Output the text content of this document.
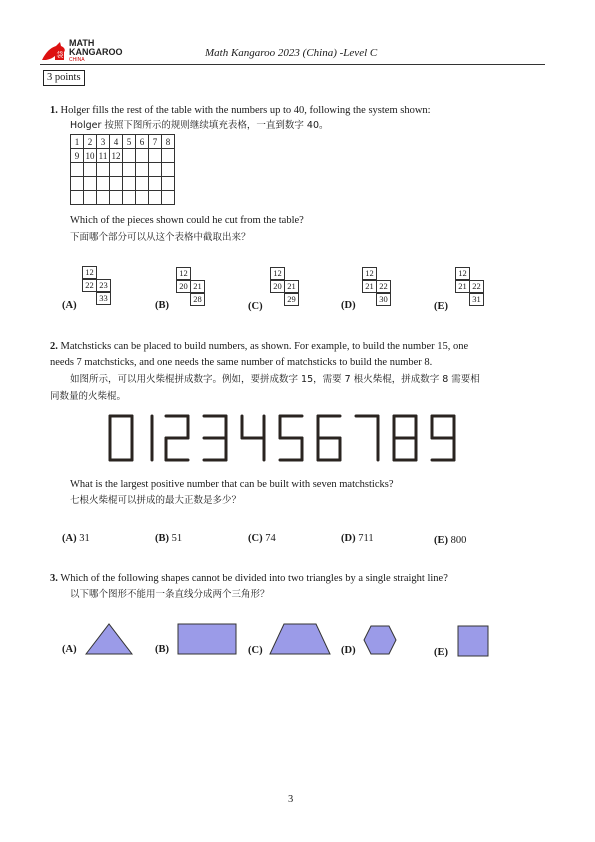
袋
MATH
KANGAROO
CHINA
Math Kangaroo 2023 (China) -Level C
3 points
1. Holger fills the rest of the table with the numbers up to 40, following the system shown:
Holger 按照下图所示的规则继续填充表格，一直到数字 40。
1	2	3	4	5	6	7	8
9	10	11	12				

Which of the pieces shown could he cut from the table?
下面哪个部分可以从这个表格中截取出来？
(A)
12
22 23
33
(B)
12
20 21
28
(C)
12
20 21
29
(D)
12
21 22
30
(E)
12
21 22
31
2. Matchsticks can be placed to build numbers, as shown. For example, to build the number 15, one
needs 7 matchsticks, and one needs the same number of matchsticks to build the number 8.
如图所示，可以用火柴棍拼成数字。例如，要拼成数字 15，需要 7 根火柴棍，拼成数字 8 需要相
同数量的火柴棍。
What is the largest positive number that can be built with seven matchsticks?
七根火柴棍可以拼成的最大正数是多少？
(A) 31	(B) 51	(C) 74	(D) 711	(E) 800
3. Which of the following shapes cannot be divided into two triangles by a single straight line?
以下哪个图形不能用一条直线分成两个三角形？
(A)	(B)	(C)	(D)	(E)
3
